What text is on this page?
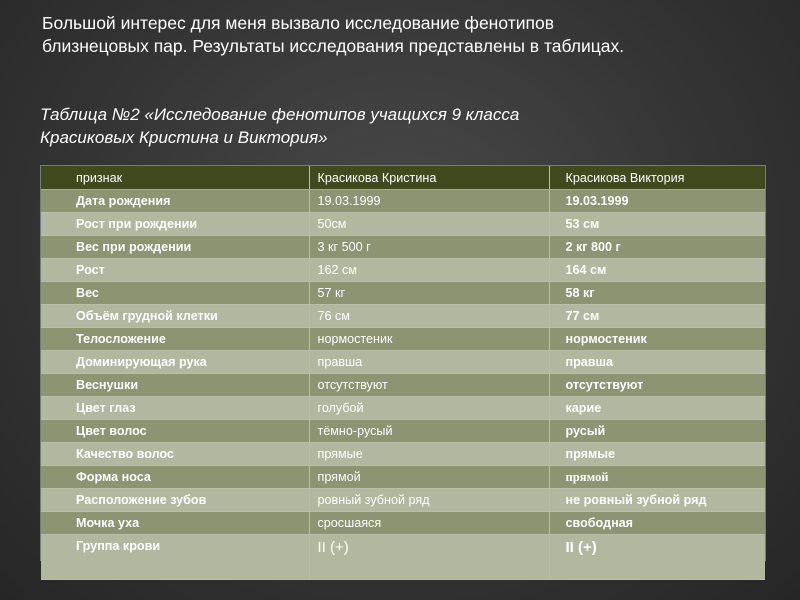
Большой интерес для меня вызвало исследование фенотипов близнецовых пар. Результаты исследования представлены в таблицах.

Таблица №2 «Исследование фенотипов учащихся 9 класса
Красиковых Кристина и Виктория»

признак	Красикова Кристина	Красикова Виктория
Дата рождения	19.03.1999	19.03.1999
Рост при рождении	50см	53 см
Вес при рождении	3 кг 500 г	2 кг 800 г
Рост	162 см	164 см
Вес	57 кг	58 кг
Объём грудной клетки	76 см	77 см
Телосложение	нормостеник	нормостеник
Доминирующая рука	правша	правша
Веснушки	отсутствуют	отсутствуют
Цвет глаз	голубой	карие
Цвет волос	тёмно-русый	русый
Качество волос	прямые	прямые
Форма носа	прямой	прямой
Расположение зубов	ровный зубной ряд	не ровный зубной ряд
Мочка уха	сросшаяся	свободная
Группа крови	II (+)	II (+)
